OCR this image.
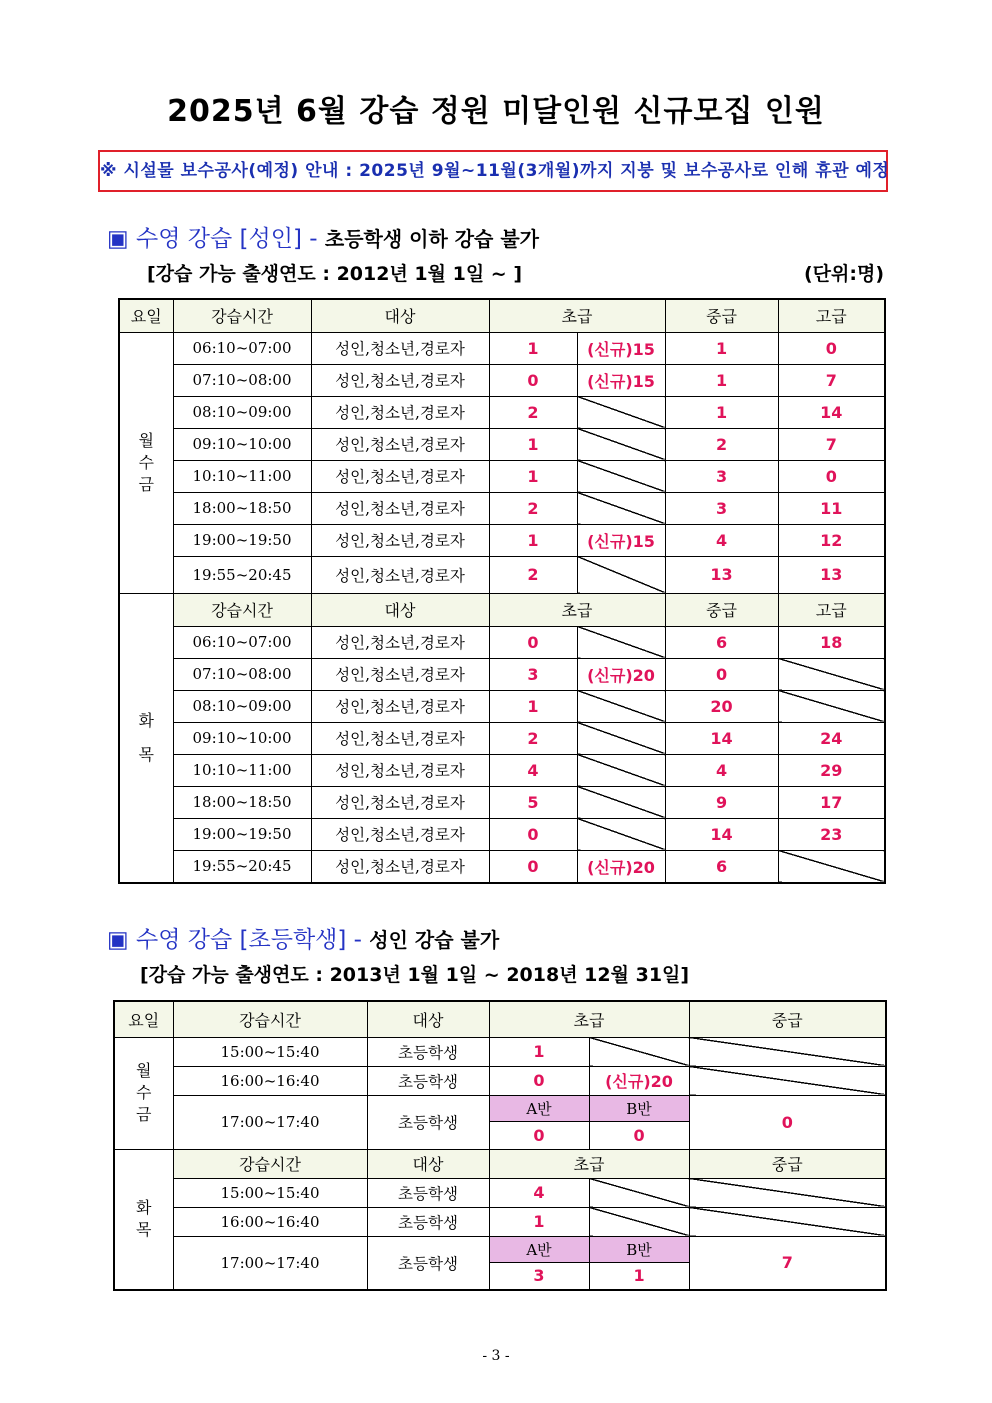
2025년 6월 강습 정원 미달인원 신규모집 인원
※ 시설물 보수공사(예정) 안내 : 2025년 9월~11월(3개월)까지 지붕 및 보수공사로 인해 휴관 예정
▣ 수영 강습 [성인] - 초등학생 이하 강습 불가
[강습 가능 출생연도 : 2012년 1월 1일 ~ ]	(단위:명)
요일	강습시간	대상	초급		중급	고급
월수금	06:10~07:00	성인,청소년,경로자	1	(신규)15	1	0
	07:10~08:00	성인,청소년,경로자	0	(신규)15	1	7
	08:10~09:00	성인,청소년,경로자	2		1	14
	09:10~10:00	성인,청소년,경로자	1		2	7
	10:10~11:00	성인,청소년,경로자	1		3	0
	18:00~18:50	성인,청소년,경로자	2		3	11
	19:00~19:50	성인,청소년,경로자	1	(신규)15	4	12
	19:55~20:45	성인,청소년,경로자	2		13	13
화목	강습시간	대상	초급		중급	고급
	06:10~07:00	성인,청소년,경로자	0		6	18
	07:10~08:00	성인,청소년,경로자	3	(신규)20	0	
	08:10~09:00	성인,청소년,경로자	1		20	
	09:10~10:00	성인,청소년,경로자	2		14	24
	10:10~11:00	성인,청소년,경로자	4		4	29
	18:00~18:50	성인,청소년,경로자	5		9	17
	19:00~19:50	성인,청소년,경로자	0		14	23
	19:55~20:45	성인,청소년,경로자	0	(신규)20	6	
▣ 수영 강습 [초등학생] - 성인 강습 불가
[강습 가능 출생연도 : 2013년 1월 1일 ~ 2018년 12월 31일]
요일	강습시간	대상	초급		중급
월수금	15:00~15:40	초등학생	1		
	16:00~16:40	초등학생	0	(신규)20	
	17:00~17:40	초등학생	A반	B반	0
			0	0	
화목	강습시간	대상	초급		중급
	15:00~15:40	초등학생	4		
	16:00~16:40	초등학생	1		
	17:00~17:40	초등학생	A반	B반	7
			3	1	
- 3 -
